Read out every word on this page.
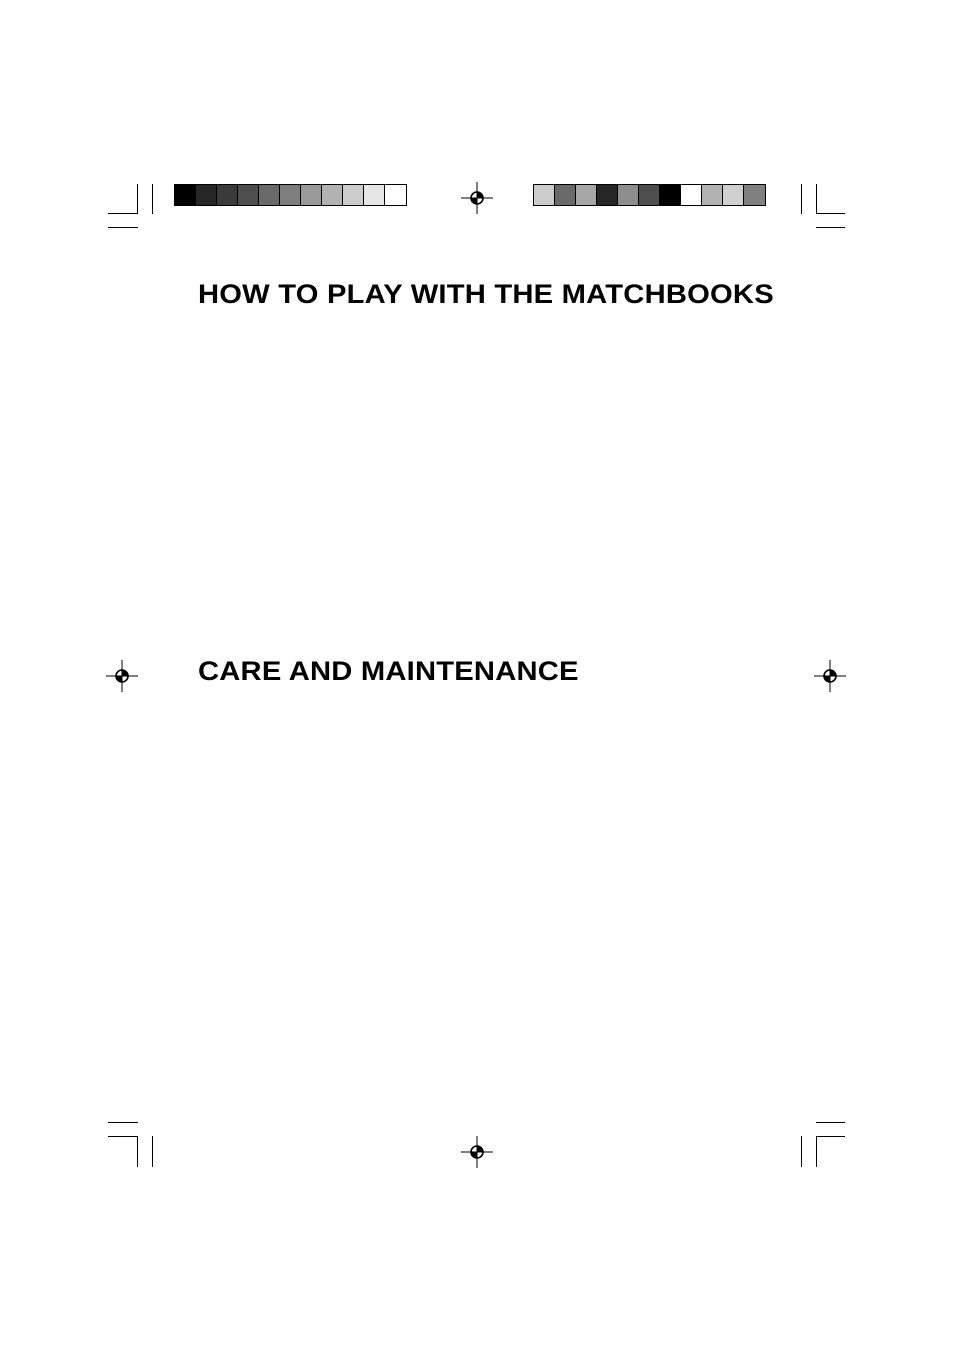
HOW TO PLAY WITH THE MATCHBOOKS
CARE AND MAINTENANCE
